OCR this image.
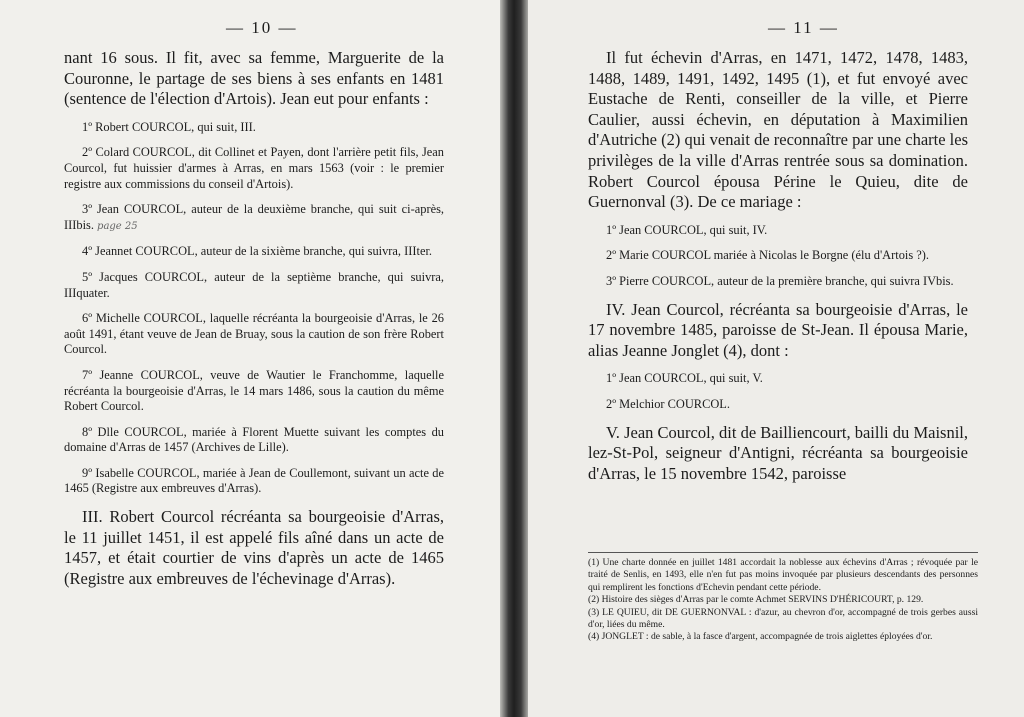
— 10 —

nant 16 sous. Il fit, avec sa femme, Marguerite de la Couronne, le partage de ses biens à ses enfants en 1481 (sentence de l'élection d'Artois). Jean eut pour enfants :

1º Robert COURCOL, qui suit, III.

2º Colard COURCOL, dit Collinet et Payen, dont l'arrière petit fils, Jean Courcol, fut huissier d'armes à Arras, en mars 1563 (voir : le premier registre aux commissions du conseil d'Artois).

3º Jean COURCOL, auteur de la deuxième branche, qui suit ci-après, IIIbis. page 25

4º Jeannet COURCOL, auteur de la sixième branche, qui suivra, IIIter.

5º Jacques COURCOL, auteur de la septième branche, qui suivra, IIIquater.

6º Michelle COURCOL, laquelle récréanta la bourgeoisie d'Arras, le 26 août 1491, étant veuve de Jean de Bruay, sous la caution de son frère Robert Courcol.

7º Jeanne COURCOL, veuve de Wautier le Franchomme, laquelle récréanta la bourgeoisie d'Arras, le 14 mars 1486, sous la caution du même Robert Courcol.

8º Dlle COURCOL, mariée à Florent Muette suivant les comptes du domaine d'Arras de 1457 (Archives de Lille).

9º Isabelle COURCOL, mariée à Jean de Coullemont, suivant un acte de 1465 (Registre aux embreuves d'Arras).

III. Robert Courcol récréanta sa bourgeoisie d'Arras, le 11 juillet 1451, il est appelé fils aîné dans un acte de 1457, et était courtier de vins d'après un acte de 1465 (Registre aux embreuves de l'échevinage d'Arras).

— 11 —

Il fut échevin d'Arras, en 1471, 1472, 1478, 1483, 1488, 1489, 1491, 1492, 1495 (1), et fut envoyé avec Eustache de Renti, conseiller de la ville, et Pierre Caulier, aussi échevin, en députation à Maximilien d'Autriche (2) qui venait de reconnaître par une charte les privilèges de la ville d'Arras rentrée sous sa domination. Robert Courcol épousa Périne le Quieu, dite de Guernonval (3). De ce mariage :

1º Jean COURCOL, qui suit, IV.

2º Marie COURCOL mariée à Nicolas le Borgne (élu d'Artois ?).

3º Pierre COURCOL, auteur de la première branche, qui suivra IVbis.

IV. Jean Courcol, récréanta sa bourgeoisie d'Arras, le 17 novembre 1485, paroisse de St-Jean. Il épousa Marie, alias Jeanne Jonglet (4), dont :

1º Jean COURCOL, qui suit, V.

2º Melchior COURCOL.

V. Jean Courcol, dit de Bailliencourt, bailli du Maisnil, lez-St-Pol, seigneur d'Antigni, récréanta sa bourgeoisie d'Arras, le 15 novembre 1542, paroisse

(1) Une charte donnée en juillet 1481 accordait la noblesse aux échevins d'Arras ; révoquée par le traité de Senlis, en 1493, elle n'en fut pas moins invoquée par plusieurs descendants des personnes qui remplirent les fonctions d'Echevin pendant cette période.

(2) Histoire des sièges d'Arras par le comte Achmet SERVINS D'HÉRICOURT, p. 129.

(3) LE QUIEU, dit DE GUERNONVAL : d'azur, au chevron d'or, accompagné de trois gerbes aussi d'or, liées du même.

(4) JONGLET : de sable, à la fasce d'argent, accompagnée de trois aiglettes éployées d'or.
